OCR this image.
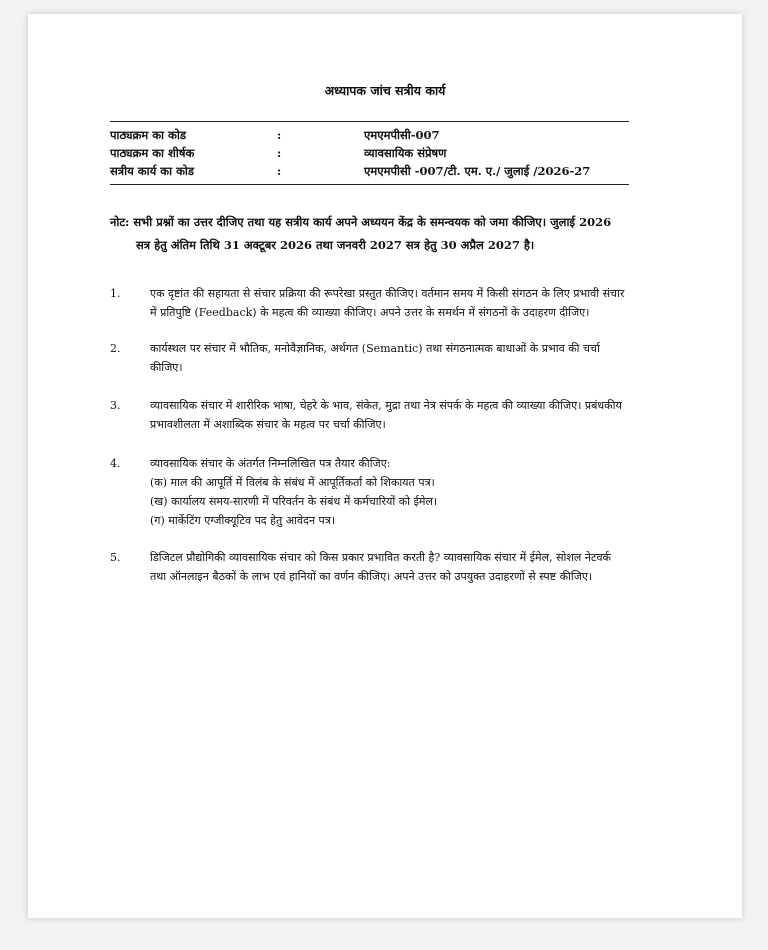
अध्यापक जांच सत्रीय कार्य
पाठ्यक्रम का कोड	:	एमएमपीसी-007
पाठ्यक्रम का शीर्षक	:	व्यावसायिक संप्रेषण
सत्रीय कार्य का कोड	:	एमएमपीसी -007/टी. एम. ए./ जुलाई /2026-27
नोट: सभी प्रश्नों का उत्तर दीजिए तथा यह सत्रीय कार्य अपने अध्ययन केंद्र के समन्वयक को जमा कीजिए। जुलाई 2026
सत्र हेतु अंतिम तिथि 31 अक्टूबर 2026 तथा जनवरी 2027 सत्र हेतु 30 अप्रैल 2027 है।
1.	एक दृष्टांत की सहायता से संचार प्रक्रिया की रूपरेखा प्रस्तुत कीजिए। वर्तमान समय में किसी संगठन के लिए प्रभावी संचार
में प्रतिपुष्टि (Feedback) के महत्व की व्याख्या कीजिए। अपने उत्तर के समर्थन में संगठनों के उदाहरण दीजिए।
2.	कार्यस्थल पर संचार में भौतिक, मनोवैज्ञानिक, अर्थगत (Semantic) तथा संगठनात्मक बाधाओं के प्रभाव की चर्चा
कीजिए।
3.	व्यावसायिक संचार में शारीरिक भाषा, चेहरे के भाव, संकेत, मुद्रा तथा नेत्र संपर्क के महत्व की व्याख्या कीजिए। प्रबंधकीय
प्रभावशीलता में अशाब्दिक संचार के महत्व पर चर्चा कीजिए।
4.	व्यावसायिक संचार के अंतर्गत निम्नलिखित पत्र तैयार कीजिए:
(क) माल की आपूर्ति में विलंब के संबंध में आपूर्तिकर्ता को शिकायत पत्र।
(ख) कार्यालय समय-सारणी में परिवर्तन के संबंध में कर्मचारियों को ईमेल।
(ग) मार्केटिंग एग्जीक्यूटिव पद हेतु आवेदन पत्र।
5.	डिजिटल प्रौद्योगिकी व्यावसायिक संचार को किस प्रकार प्रभावित करती है? व्यावसायिक संचार में ईमेल, सोशल नेटवर्क
तथा ऑनलाइन बैठकों के लाभ एवं हानियों का वर्णन कीजिए। अपने उत्तर को उपयुक्त उदाहरणों से स्पष्ट कीजिए।
